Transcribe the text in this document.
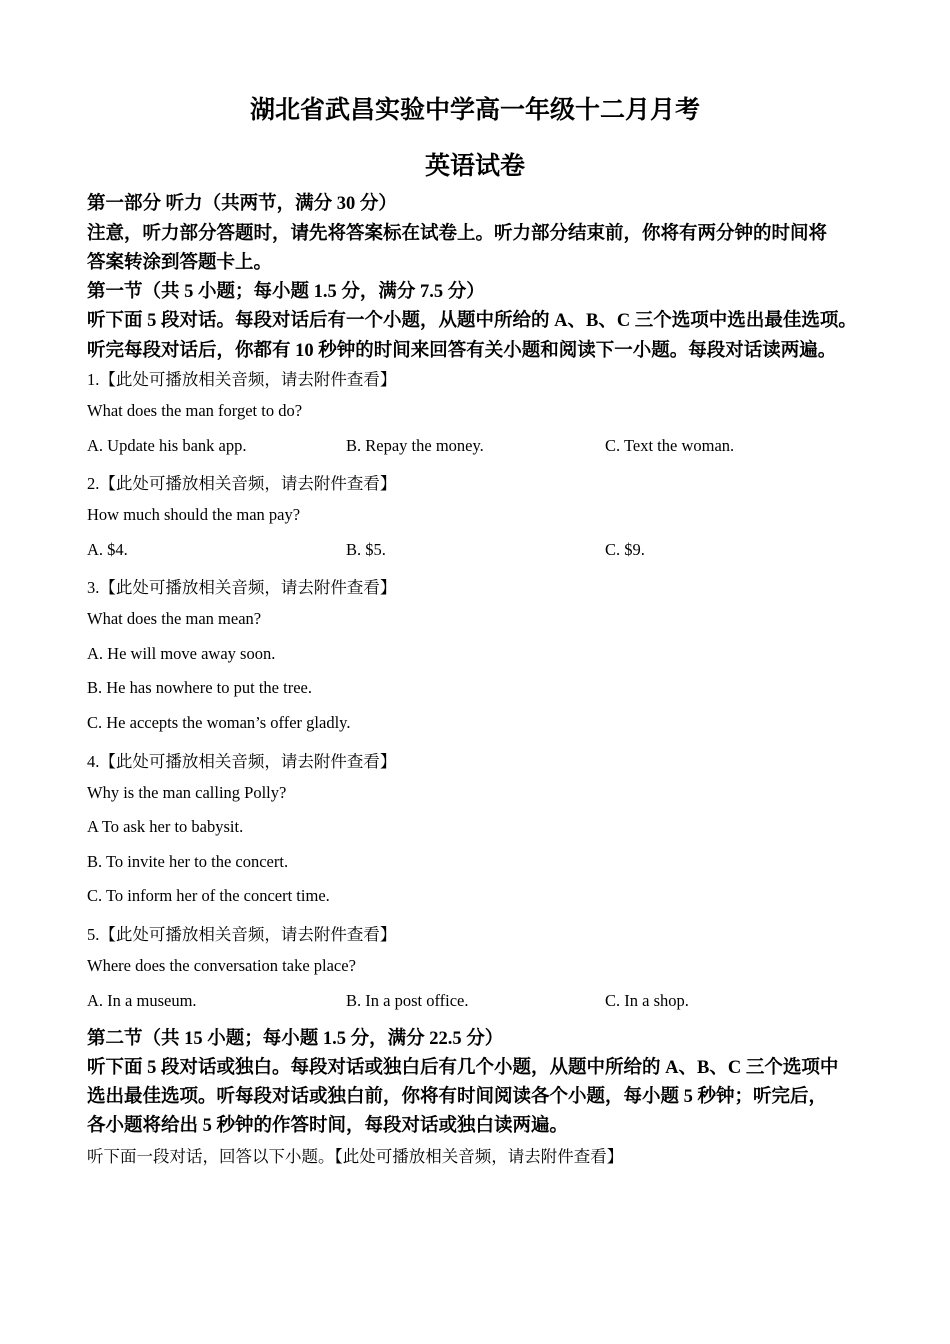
湖北省武昌实验中学高一年级十二月月考
英语试卷
第一部分 听力（共两节，满分 30 分）
注意，听力部分答题时，请先将答案标在试卷上。听力部分结束前，你将有两分钟的时间将
答案转涂到答题卡上。
第一节（共 5 小题；每小题 1.5 分，满分 7.5 分）
听下面 5 段对话。每段对话后有一个小题，从题中所给的 A、B、C 三个选项中选出最佳选项。
听完每段对话后，你都有 10 秒钟的时间来回答有关小题和阅读下一小题。每段对话读两遍。
1.【此处可播放相关音频，请去附件查看】
What does the man forget to do?
A. Update his bank app.	B. Repay the money.	C. Text the woman.
2.【此处可播放相关音频，请去附件查看】
How much should the man pay?
A. $4.	B. $5.	C. $9.
3.【此处可播放相关音频，请去附件查看】
What does the man mean?
A. He will move away soon.
B. He has nowhere to put the tree.
C. He accepts the woman’s offer gladly.
4.【此处可播放相关音频，请去附件查看】
Why is the man calling Polly?
A To ask her to babysit.
B. To invite her to the concert.
C. To inform her of the concert time.
5.【此处可播放相关音频，请去附件查看】
Where does the conversation take place?
A. In a museum.	B. In a post office.	C. In a shop.
第二节（共 15 小题；每小题 1.5 分，满分 22.5 分）
听下面 5 段对话或独白。每段对话或独白后有几个小题，从题中所给的 A、B、C 三个选项中
选出最佳选项。听每段对话或独白前，你将有时间阅读各个小题，每小题 5 秒钟；听完后，
各小题将给出 5 秒钟的作答时间，每段对话或独白读两遍。
听下面一段对话，回答以下小题。【此处可播放相关音频，请去附件查看】
